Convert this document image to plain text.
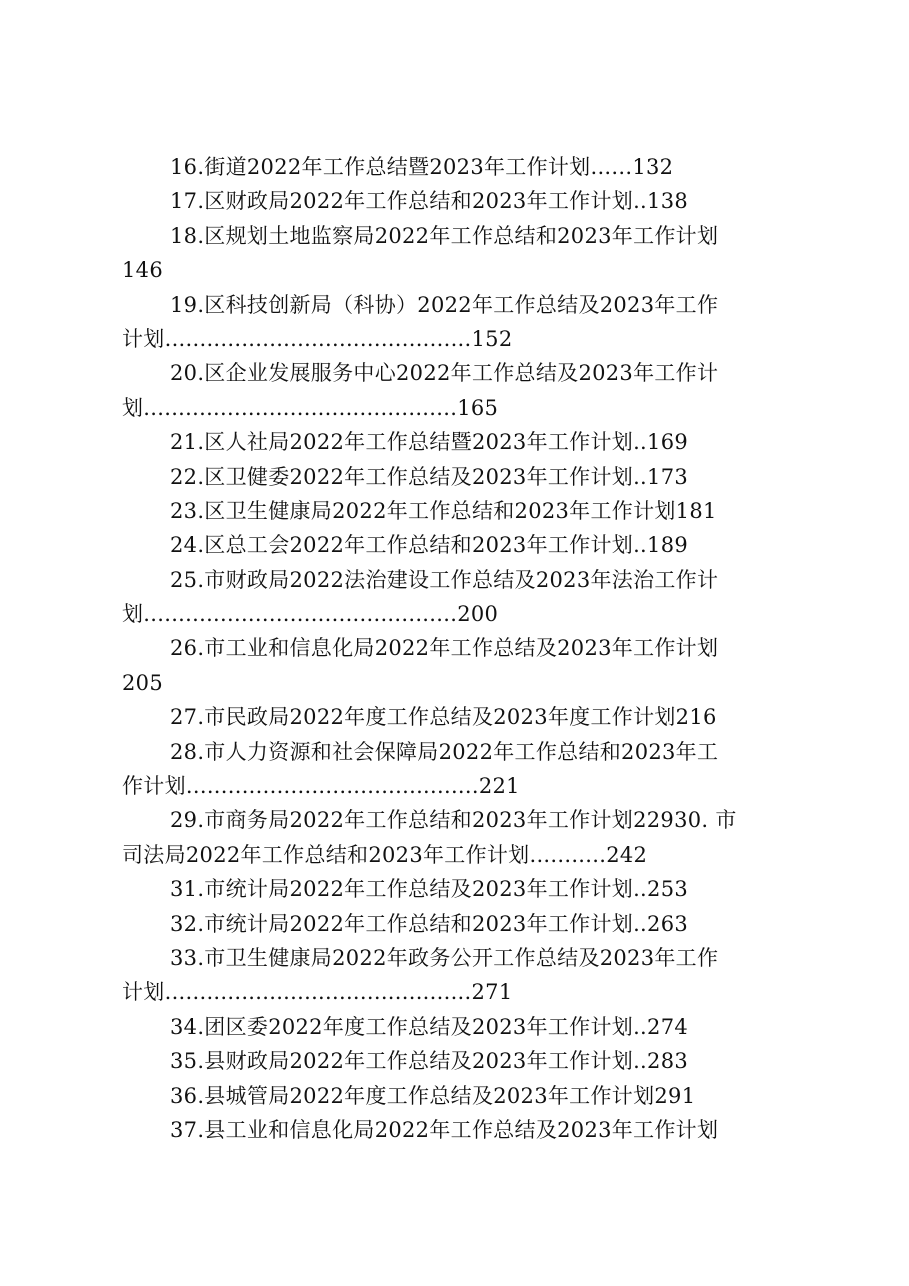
16.街道2022年工作总结暨2023年工作计划......132
17.区财政局2022年工作总结和2023年工作计划..138
18.区规划土地监察局2022年工作总结和2023年工作计划
146
19.区科技创新局（科协）2022年工作总结及2023年工作
计划............................................152
20.区企业发展服务中心2022年工作总结及2023年工作计
划.............................................165
21.区人社局2022年工作总结暨2023年工作计划..169
22.区卫健委2022年工作总结及2023年工作计划..173
23.区卫生健康局2022年工作总结和2023年工作计划181
24.区总工会2022年工作总结和2023年工作计划..189
25.市财政局2022法治建设工作总结及2023年法治工作计
划.............................................200
26.市工业和信息化局2022年工作总结及2023年工作计划
205
27.市民政局2022年度工作总结及2023年度工作计划216
28.市人力资源和社会保障局2022年工作总结和2023年工
作计划..........................................221
29.市商务局2022年工作总结和2023年工作计划22930. 市
司法局2022年工作总结和2023年工作计划...........242
31.市统计局2022年工作总结及2023年工作计划..253
32.市统计局2022年工作总结和2023年工作计划..263
33.市卫生健康局2022年政务公开工作总结及2023年工作
计划............................................271
34.团区委2022年度工作总结及2023年工作计划..274
35.县财政局2022年工作总结及2023年工作计划..283
36.县城管局2022年度工作总结及2023年工作计划291
37.县工业和信息化局2022年工作总结及2023年工作计划
